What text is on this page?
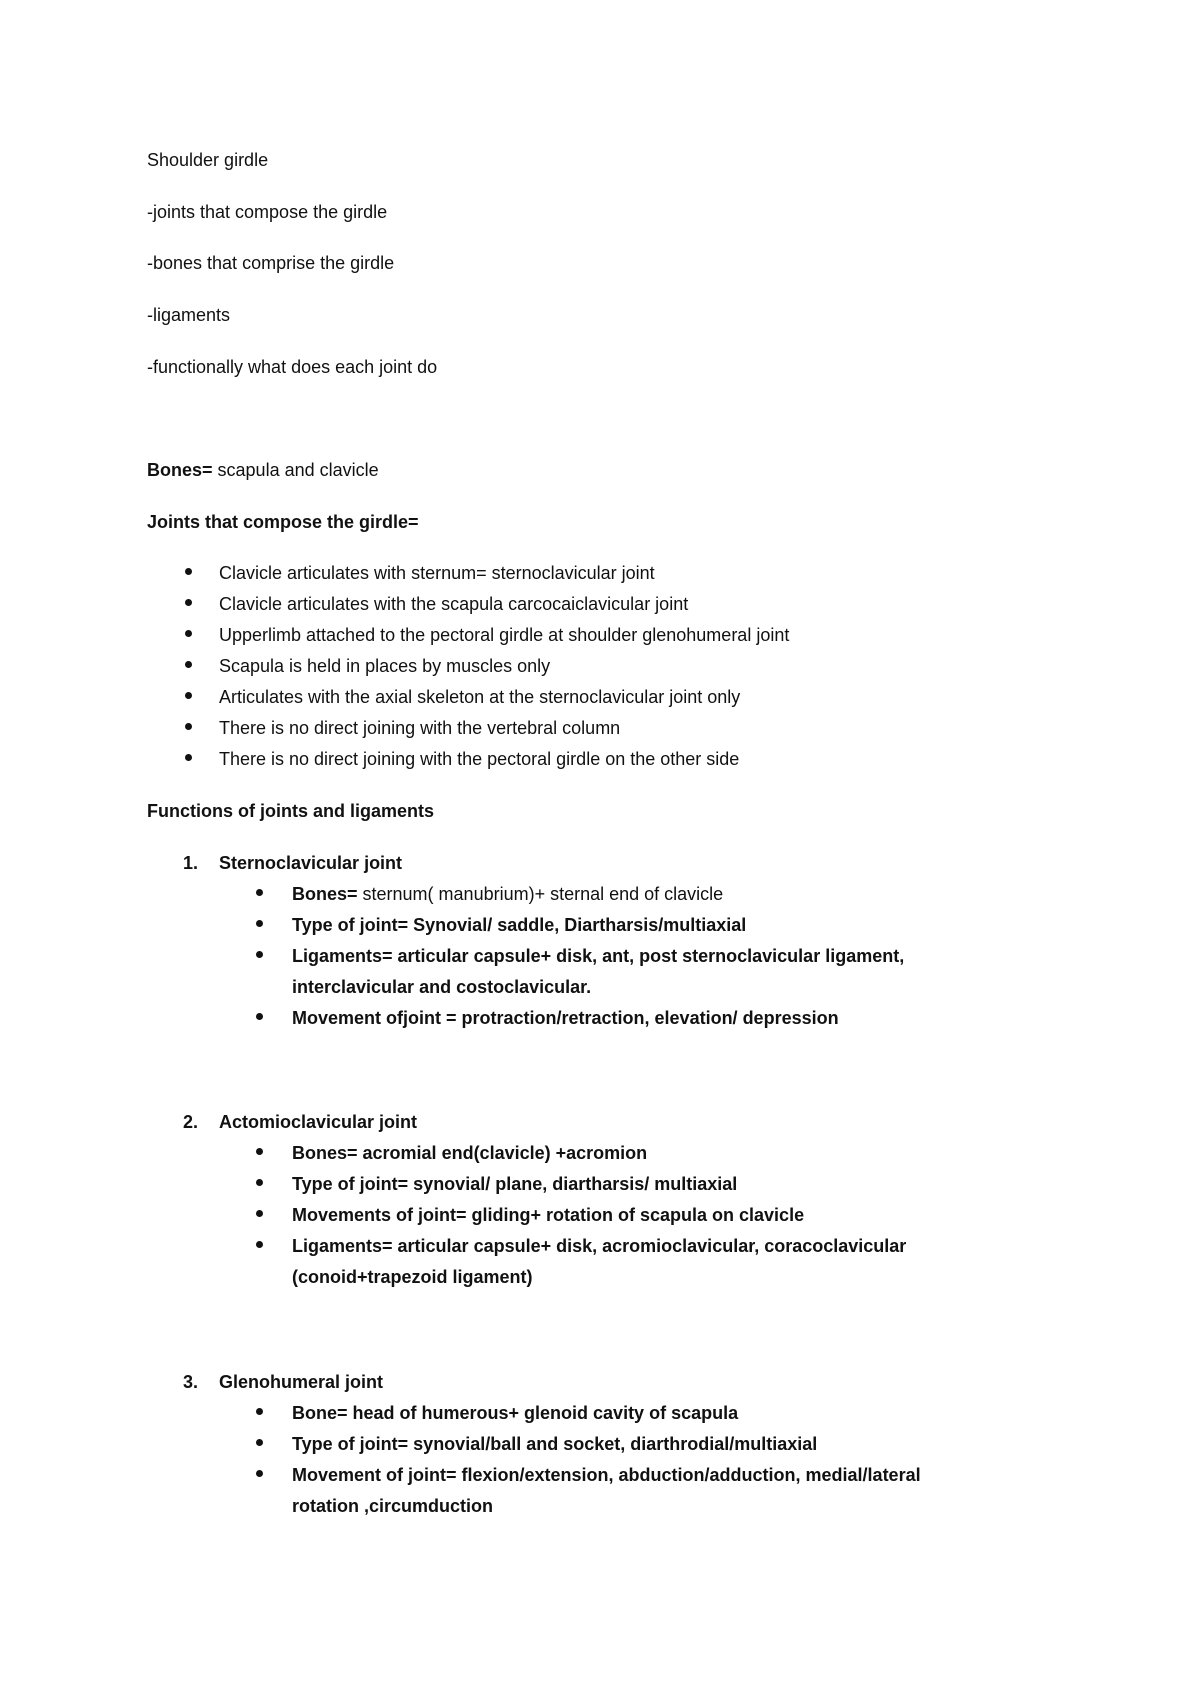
Shoulder girdle
-joints that compose the girdle
-bones that comprise the girdle
-ligaments
-functionally what does each joint do
Bones= scapula and clavicle
Joints that compose the girdle=
Clavicle articulates with sternum= sternoclavicular joint
Clavicle articulates with the scapula carcocaiclavicular joint
Upperlimb attached to the pectoral girdle at shoulder glenohumeral joint
Scapula is held in places by muscles only
Articulates with the axial skeleton at the sternoclavicular joint only
There is no direct joining with the vertebral column
There is no direct joining with the pectoral girdle on the other side
Functions of joints and ligaments
1. Sternoclavicular joint
Bones= sternum( manubrium)+ sternal end of clavicle
Type of joint= Synovial/ saddle, Diartharsis/multiaxial
Ligaments= articular capsule+ disk, ant, post sternoclavicular ligament,
interclavicular and costoclavicular.
Movement ofjoint = protraction/retraction, elevation/ depression
2. Actomioclavicular joint
Bones= acromial end(clavicle) +acromion
Type of joint= synovial/ plane, diartharsis/ multiaxial
Movements of joint= gliding+ rotation of scapula on clavicle
Ligaments= articular capsule+ disk, acromioclavicular, coracoclavicular
(conoid+trapezoid ligament)
3. Glenohumeral joint
Bone= head of humerous+ glenoid cavity of scapula
Type of joint= synovial/ball and socket, diarthrodial/multiaxial
Movement of joint= flexion/extension, abduction/adduction, medial/lateral
rotation ,circumduction
